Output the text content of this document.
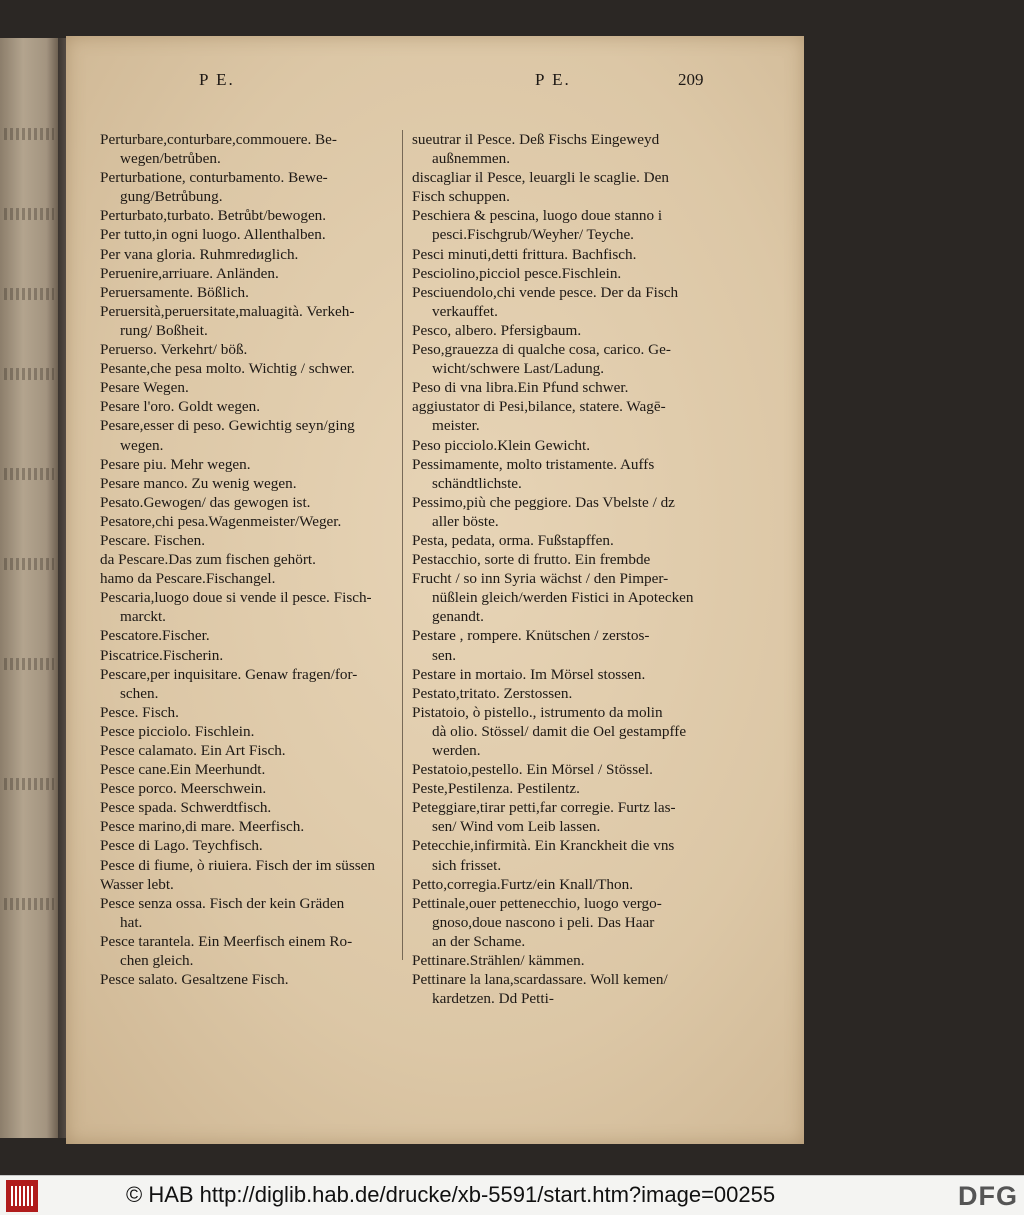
P E.	P E.	209
Perturbare,conturbare,commouere. Be-
wegen/betrůben.
Perturbatione, conturbamento. Bewe-
gung/Betrůbung.
Perturbato,turbato. Betrůbt/bewogen.
Per tutto,in ogni luogo. Allenthalben.
Per vana gloria. Ruhmredиglich.
Peruenire,arriuare. Anländen.
Peruersamente. Bößlich.
Peruersità,peruersitate,maluagità. Verkeh-
rung/ Boßheit.
Peruerso. Verkehrt/ böß.
Pesante,che pesa molto. Wichtig / schwer.
Pesare Wegen.
Pesare l'oro. Goldt wegen.
Pesare,esser di peso. Gewichtig seyn/ging
wegen.
Pesare piu. Mehr wegen.
Pesare manco. Zu wenig wegen.
Pesato.Gewogen/ das gewogen ist.
Pesatore,chi pesa.Wagenmeister/Weger.
Pescare. Fischen.
da Pescare.Das zum fischen gehört.
hamo da Pescare.Fischangel.
Pescaria,luogo doue si vende il pesce. Fisch-
marckt.
Pescatore.Fischer.
Piscatrice.Fischerin.
Pescare,per inquisitare. Genaw fragen/for-
schen.
Pesce. Fisch.
Pesce picciolo. Fischlein.
Pesce calamato. Ein Art Fisch.
Pesce cane.Ein Meerhundt.
Pesce porco. Meerschwein.
Pesce spada. Schwerdtfisch.
Pesce marino,di mare. Meerfisch.
Pesce di Lago. Teychfisch.
Pesce di fiume, ò riuiera. Fisch der im süssen
Wasser lebt.
Pesce senza ossa. Fisch der kein Gräden
hat.
Pesce tarantela. Ein Meerfisch einem Ro-
chen gleich.
Pesce salato. Gesaltzene Fisch.
sueutrar il Pesce. Deß Fischs Eingeweyd
außnemmen.
discagliar il Pesce, leuargli le scaglie. Den
Fisch schuppen.
Peschiera & pescina, luogo doue stanno i
pesci.Fischgrub/Weyher/ Teyche.
Pesci minuti,detti frittura. Bachfisch.
Pesciolino,picciol pesce.Fischlein.
Pesciuendolo,chi vende pesce. Der da Fisch
verkauffet.
Pesco, albero. Pfersigbaum.
Peso,grauezza di qualche cosa, carico. Ge-
wicht/schwere Last/Ladung.
Peso di vna libra.Ein Pfund schwer.
aggiustator di Pesi,bilance, statere. Wagē-
meister.
Peso picciolo.Klein Gewicht.
Pessimamente, molto tristamente. Auffs
schändtlichste.
Pessimo,più che peggiore. Das Vbelste / dz
aller böste.
Pesta, pedata, orma. Fußstapffen.
Pestacchio, sorte di frutto. Ein frembde
Frucht / so inn Syria wächst / den Pimper-
nüßlein gleich/werden Fistici in Apotecken
genandt.
Pestare , rompere. Knütschen / zerstos-
sen.
Pestare in mortaio. Im Mörsel stossen.
Pestato,tritato. Zerstossen.
Pistatoio, ò pistello., istrumento da molin
dà olio. Stössel/ damit die Oel gestampffe
werden.
Pestatoio,pestello. Ein Mörsel / Stössel.
Peste,Pestilenza. Pestilentz.
Peteggiare,tirar petti,far corregie. Furtz las-
sen/ Wind vom Leib lassen.
Petecchie,infirmità. Ein Kranckheit die vns
sich frisset.
Petto,corregia.Furtz/ein Knall/Thon.
Pettinale,ouer pettenecchio, luogo vergo-
gnoso,doue nascono i peli. Das Haar
an der Schame.
Pettinare.Strählen/ kämmen.
Pettinare la lana,scardassare. Woll kemen/
kardetzen. Dd Petti-
© HAB http://diglib.hab.de/drucke/xb-5591/start.htm?image=00255	DFG
